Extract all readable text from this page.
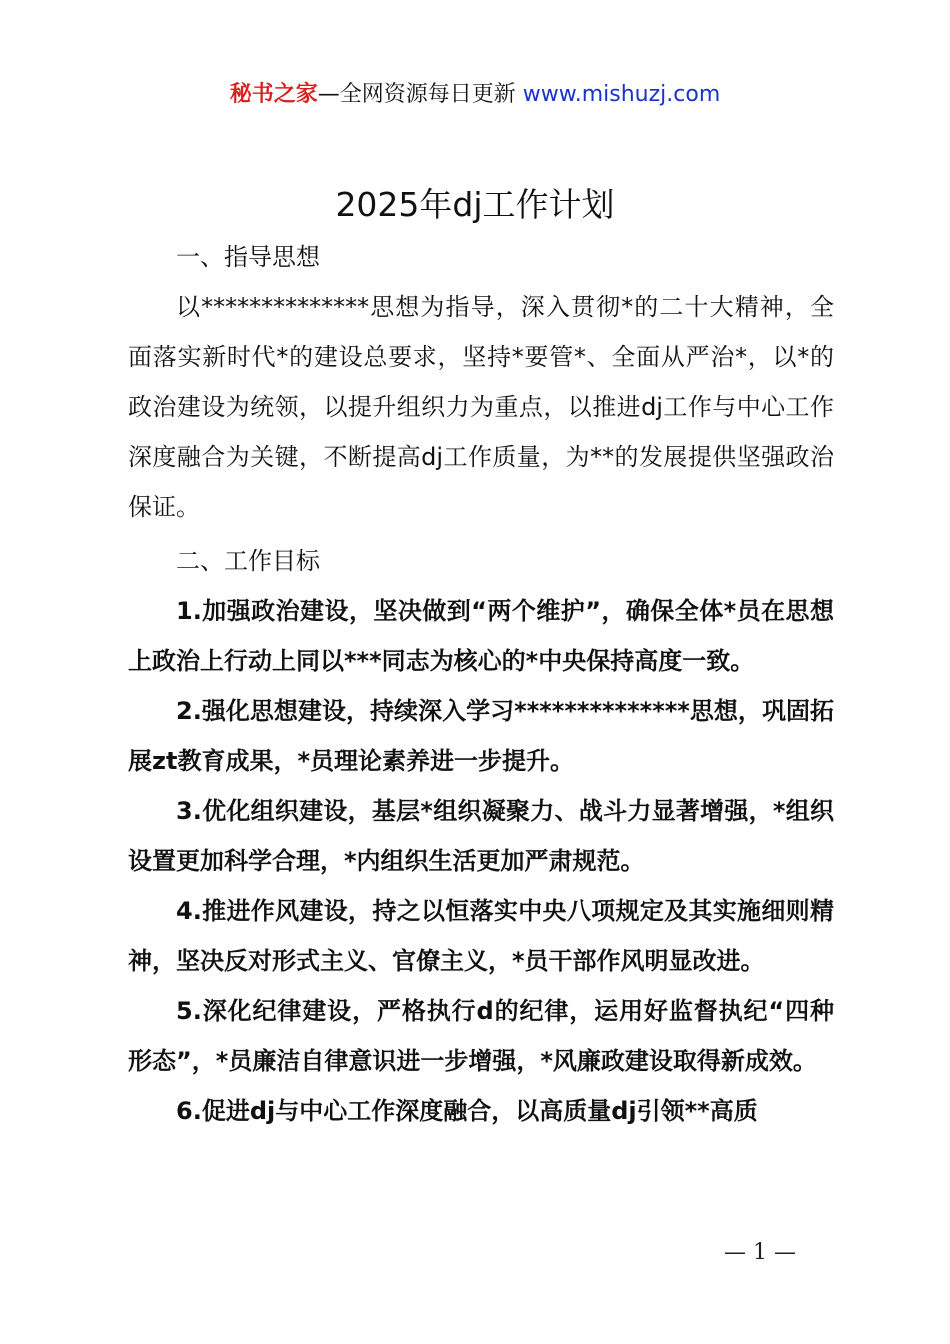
秘书之家—全网资源每日更新 www.mishuzj.com
2025年dj工作计划

一、指导思想

以**************思想为指导，深入贯彻*的二十大精神，全面落实新时代*的建设总要求，坚持*要管*、全面从严治*，以*的政治建设为统领，以提升组织力为重点，以推进dj工作与中心工作深度融合为关键，不断提高dj工作质量，为**的发展提供坚强政治保证。

二、工作目标

1.加强政治建设，坚决做到“两个维护”，确保全体*员在思想上政治上行动上同以***同志为核心的*中央保持高度一致。

2.强化思想建设，持续深入学习**************思想，巩固拓展zt教育成果，*员理论素养进一步提升。

3.优化组织建设，基层*组织凝聚力、战斗力显著增强，*组织设置更加科学合理，*内组织生活更加严肃规范。

4.推进作风建设，持之以恒落实中央八项规定及其实施细则精神，坚决反对形式主义、官僚主义，*员干部作风明显改进。

5.深化纪律建设，严格执行d的纪律，运用好监督执纪“四种形态”，*员廉洁自律意识进一步增强，*风廉政建设取得新成效。

6.促进dj与中心工作深度融合，以高质量dj引领**高质

— 1 —
